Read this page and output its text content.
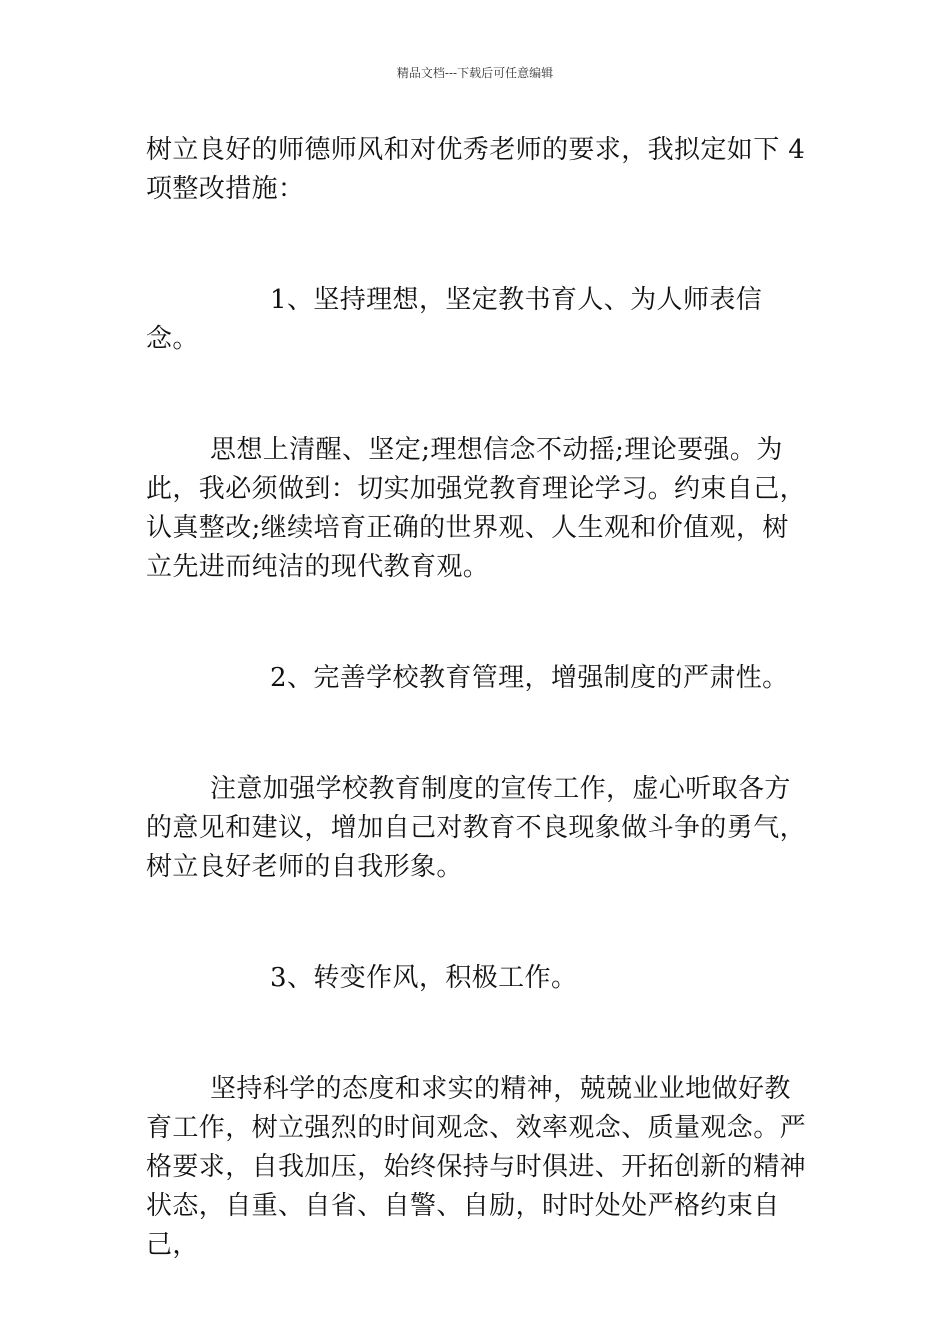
精品文档---下载后可任意编辑

树立良好的师德师风和对优秀老师的要求，我拟定如下 4 项整改措施：

1、坚持理想，坚定教书育人、为人师表信念。

思想上清醒、坚定;理想信念不动摇;理论要强。为此，我必须做到：切实加强党教育理论学习。约束自己，认真整改;继续培育正确的世界观、人生观和价值观，树立先进而纯洁的现代教育观。

2、完善学校教育管理，增强制度的严肃性。

注意加强学校教育制度的宣传工作，虚心听取各方的意见和建议，增加自己对教育不良现象做斗争的勇气，树立良好老师的自我形象。

3、转变作风，积极工作。

坚持科学的态度和求实的精神，兢兢业业地做好教育工作，树立强烈的时间观念、效率观念、质量观念。严格要求，自我加压，始终保持与时俱进、开拓创新的精神状态，自重、自省、自警、自励，时时处处严格约束自己，
